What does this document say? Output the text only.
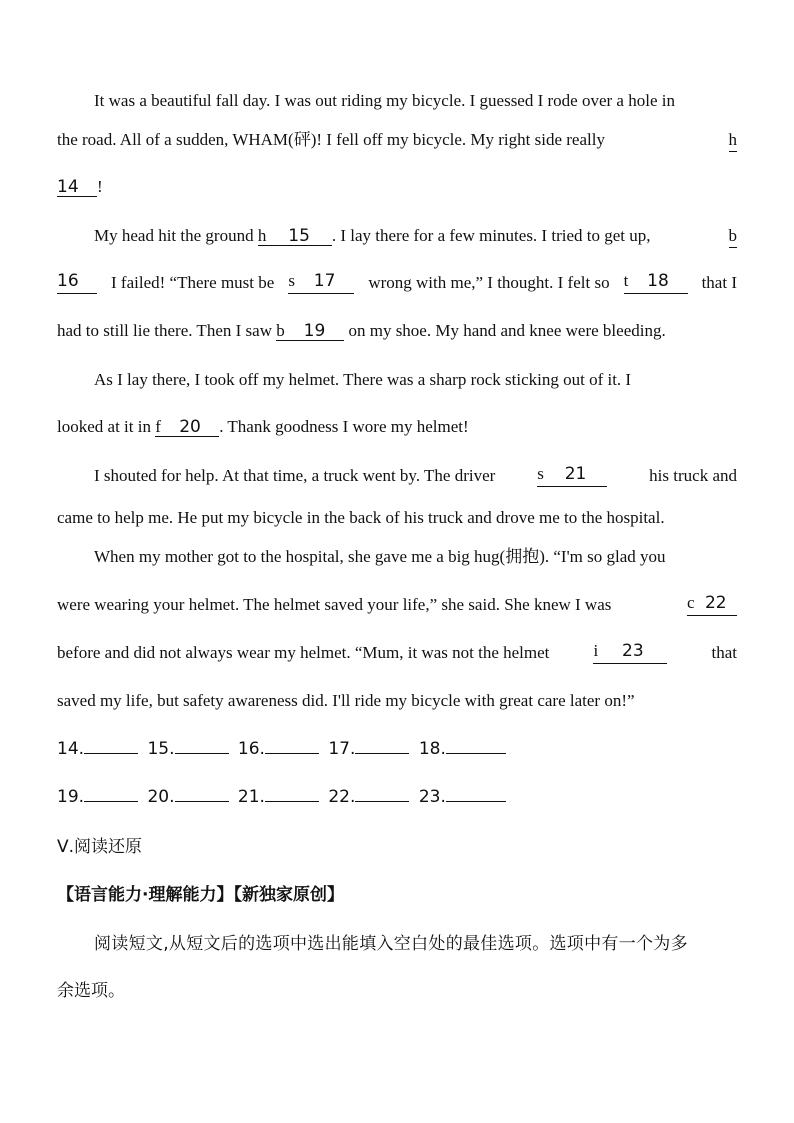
It was a beautiful fall day. I was out riding my bicycle. I guessed I rode over a hole in
the road. All of a sudden, WHAM(砰)! I fell off my bicycle. My right side really	h
14 !
My head hit the ground h 15 . I lay there for a few minutes. I tried to get up,	b
16	I failed! “There must be s 17	wrong with me,” I thought. I felt so t 18	that I
had to still lie there. Then I saw b 19 on my shoe. My hand and knee were bleeding.
As I lay there, I took off my helmet. There was a sharp rock sticking out of it. I
looked at it in f 20 . Thank goodness I wore my helmet!
I shouted for help. At that time, a truck went by. The driver s 21	his truck and
came to help me. He put my bicycle in the back of his truck and drove me to the hospital.
When my mother got to the hospital, she gave me a big hug(拥抱). “I'm so glad you
were wearing your helmet. The helmet saved your life,” she said. She knew I was	c 22
before and did not always wear my helmet. “Mum, it was not the helmet	i 23	that
saved my life, but safety awareness did. I'll ride my bicycle with great care later on!”
14.	15.	16.	17.	18.
19.	20.	21.	22.	23.
Ⅴ.阅读还原
【语言能力·理解能力】【新独家原创】
阅读短文,从短文后的选项中选出能填入空白处的最佳选项。选项中有一个为多
余选项。
